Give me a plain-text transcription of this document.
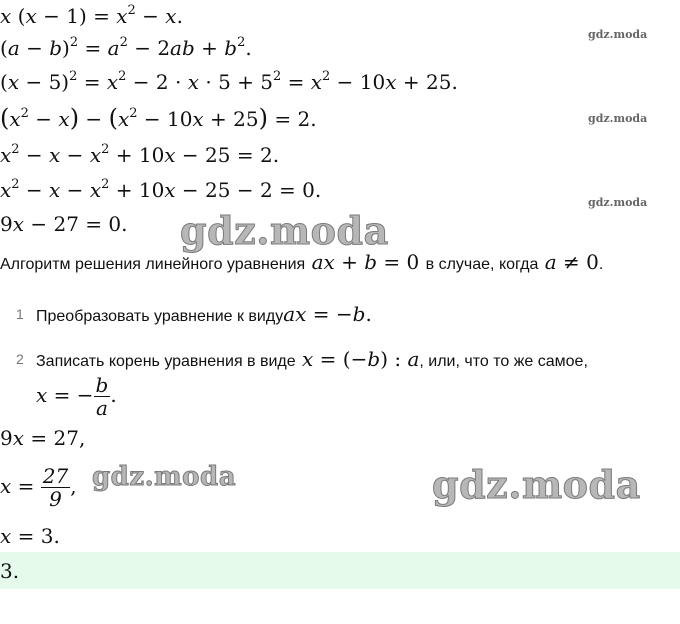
x $(x - 1) = x^2 - x$.
$(a - b)^2 = a^2 - 2ab + b^2$.
$(x - 5)^2 = x^2 - 2 \cdot x \cdot 5 + 5^2 = x^2 - 10x + 25$.
$(x^2 - x) - (x^2 - 10x + 25) = 2$.
$x^2 - x - x^2 + 10x - 25 = 2$.
$x^2 - x - x^2 + 10x - 25 - 2 = 0$.
9x − 27 = 0.
gdz.moda
gdz.moda
gdz.moda
gdz.moda
gdz.moda	gdz.moda
Алгоритм решения линейного уравнения ax + b = 0 в случае, когда a ≠ 0.
1 Преобразовать уравнение к видуax = −b.
2 Записать корень уравнения в виде x = (−b) : a, или, что то же самое,
x = − $\frac{b}{a}$ .
9x = 27,
$x = \frac{27}{9}$ ,
x = 3.
3.
